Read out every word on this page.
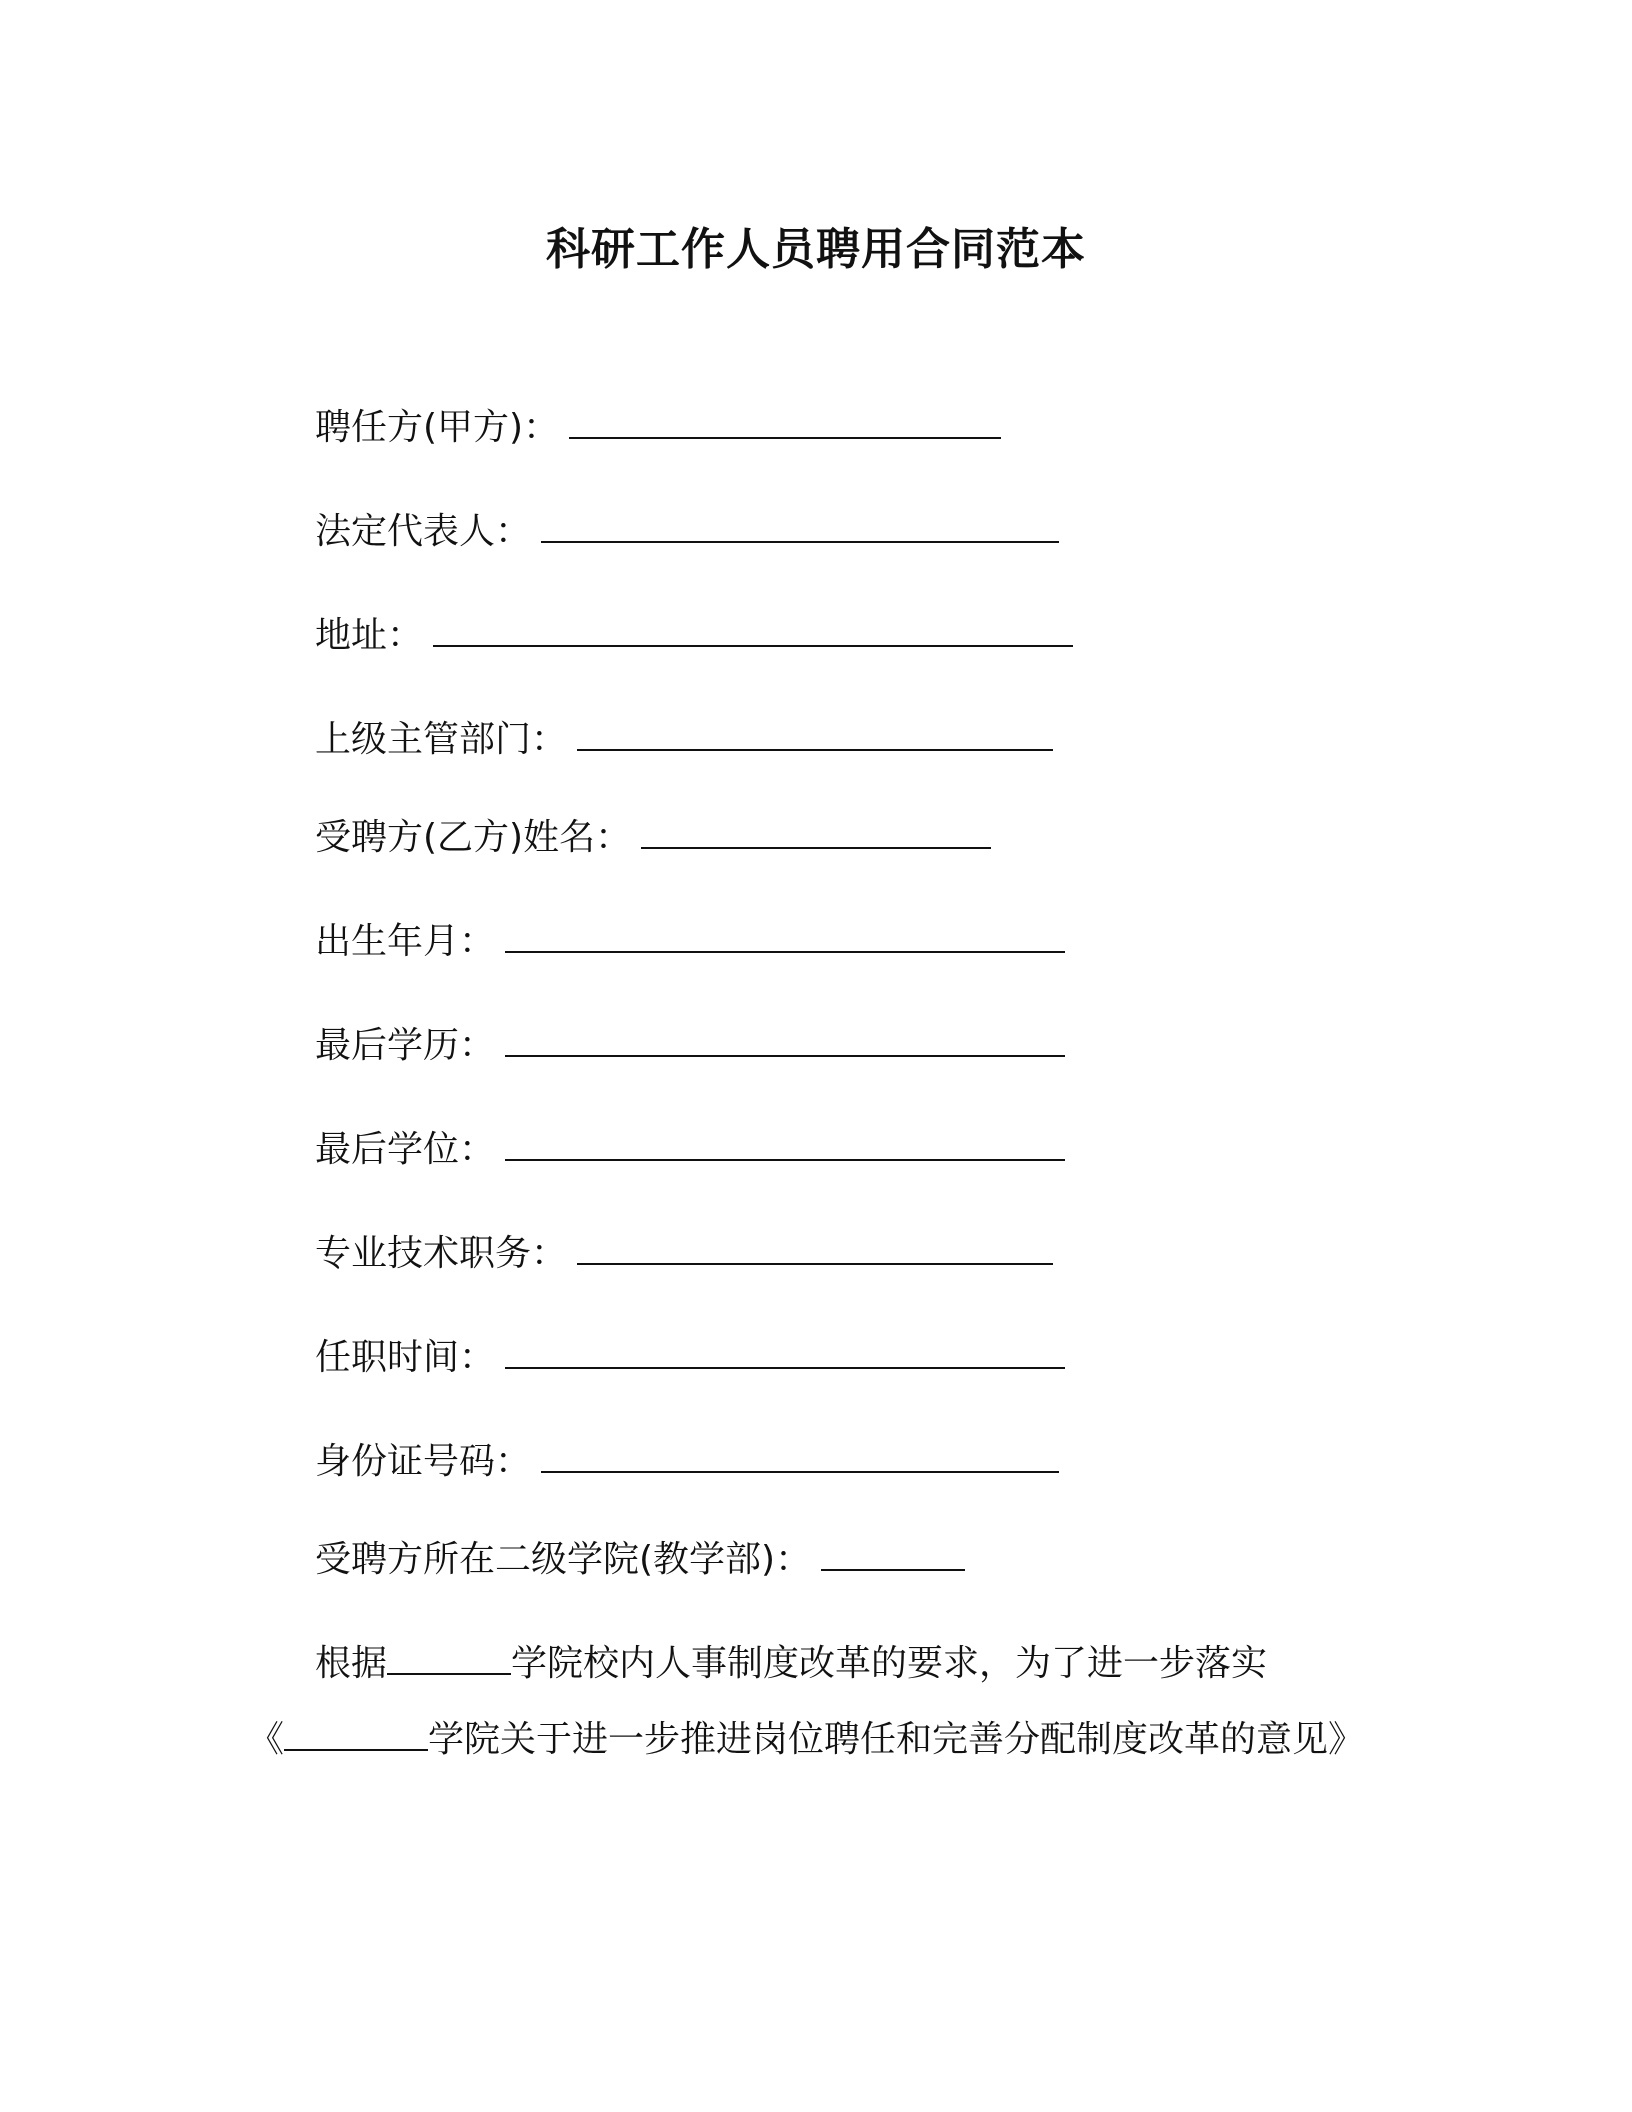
科研工作人员聘用合同范本
聘任方(甲方)：
法定代表人：
地址：
上级主管部门：
受聘方(乙方)姓名：
出生年月：
最后学历：
最后学位：
专业技术职务：
任职时间：
身份证号码：
受聘方所在二级学院(教学部)：
根据	学院校内人事制度改革的要求，为了进一步落实
《	学院关于进一步推进岗位聘任和完善分配制度改革的意见》
